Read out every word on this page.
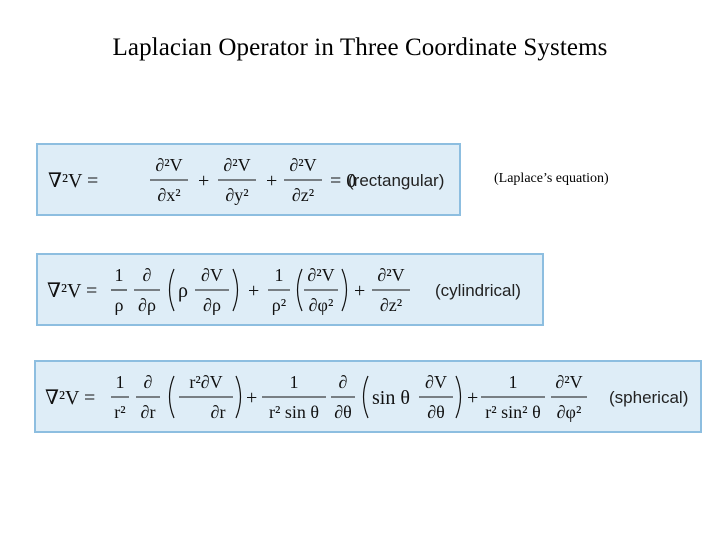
Laplacian Operator in Three Coordinate Systems
∇²V =
∂²V
∂x²
+
∂²V
∂y²
+
∂²V
∂z²
= 0
(rectangular)	(Laplace’s equation)
∇²V =
1
ρ
∂
∂ρ
ρ
∂V
∂ρ
+
1
ρ²
∂²V
∂φ²
+
∂²V
∂z²
(cylindrical)
∇²V =
1
r²
∂
∂r
r²∂V
∂r
+
1
r² sin θ
∂
∂θ
sin θ
∂V
∂θ
+
1
r² sin² θ
∂²V
∂φ²
(spherical)
